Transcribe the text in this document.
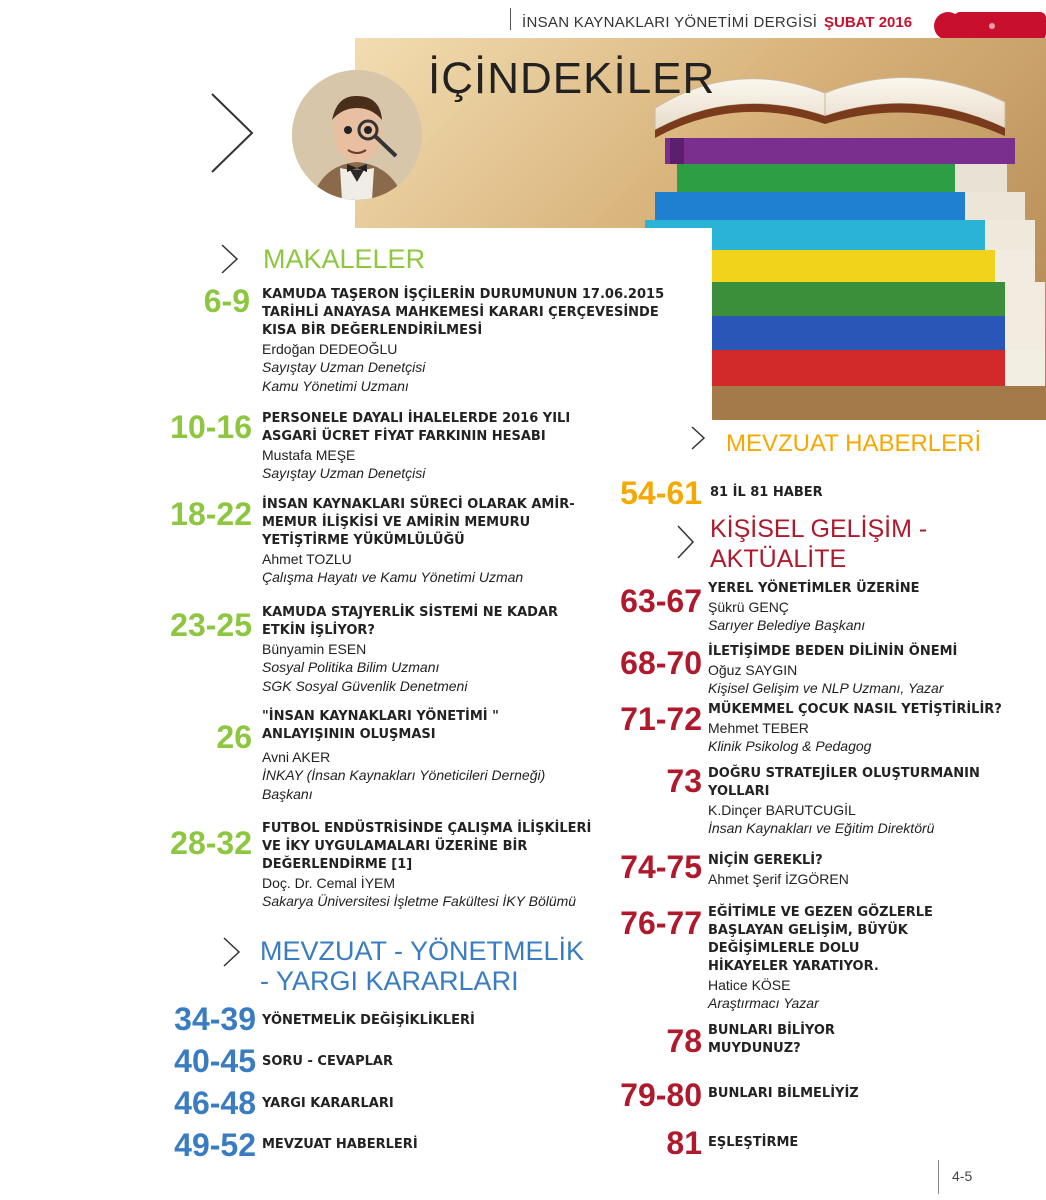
İNSAN KAYNAKLARI YÖNETİMİ DERGİSİ ŞUBAT 2016
İÇİNDEKİLER
MAKALELER
6-9 KAMUDA TAŞERON İŞÇİLERİN DURUMUNUN 17.06.2015 TARİHLİ ANAYASA MAHKEMESİ KARARI ÇERÇEVESİNDE KISA BİR DEĞERLENDİRİLMESİ
Erdoğan DEDEOĞLU
Sayıştay Uzman Denetçisi
Kamu Yönetimi Uzmanı
10-16 PERSONELE DAYALI İHALELERDE 2016 YILI ASGARİ ÜCRET FİYAT FARKININ HESABI
Mustafa MEŞE
Sayıştay Uzman Denetçisi
18-22 İNSAN KAYNAKLARI SÜRECİ OLARAK AMİR-MEMUR İLİŞKİSİ VE AMİRİN MEMURU YETİŞTİRME YÜKÜMLÜLÜĞÜ
Ahmet TOZLU
Çalışma Hayatı ve Kamu Yönetimi Uzman
23-25 KAMUDA STAJYERLİK SİSTEMİ NE KADAR ETKİN İŞLİYOR?
Bünyamin ESEN
Sosyal Politika Bilim Uzmanı
SGK Sosyal Güvenlik Denetmeni
26
"İNSAN KAYNAKLARI YÖNETİMİ " ANLAYIŞININ OLUŞMASI
Avni AKER
İNKAY (İnsan Kaynakları Yöneticileri Derneği)
Başkanı
28-32 FUTBOL ENDÜSTRİSİNDE ÇALIŞMA İLİŞKİLERİ VE İKY UYGULAMALARI ÜZERİNE BİR DEĞERLENDİRME [1]
Doç. Dr. Cemal İYEM
Sakarya Üniversitesi İşletme Fakültesi İKY Bölümü
MEVZUAT - YÖNETMELİK
- YARGI KARARLARI
34-39 YÖNETMELİK DEĞİŞİKLİKLERİ
40-45 SORU - CEVAPLAR
46-48 YARGI KARARLARI
49-52 MEVZUAT HABERLERİ
MEVZUAT HABERLERİ
54-61 81 İL 81 HABER
KİŞİSEL GELİŞİM -
AKTÜALİTE
63-67 YEREL YÖNETİMLER ÜZERİNE
Şükrü GENÇ
Sarıyer Belediye Başkanı
68-70 İLETİŞİMDE BEDEN DİLİNİN ÖNEMİ
Oğuz SAYGIN
Kişisel Gelişim ve NLP Uzmanı, Yazar
71-72 MÜKEMMEL ÇOCUK NASIL YETİŞTİRİLİR?
Mehmet TEBER
Klinik Psikolog & Pedagog
73 DOĞRU STRATEJİLER OLUŞTURMANIN YOLLARI
K.Dinçer BARUTCUGİL
İnsan Kaynakları ve Eğitim Direktörü
74-75 NİÇİN GEREKLİ?
Ahmet Şerif İZGÖREN
76-77 EĞİTİMLE VE GEZEN GÖZLERLE BAŞLAYAN GELİŞİM, BÜYÜK DEĞİŞİMLERLE DOLU HİKAYELER YARATIYOR.
Hatice KÖSE
Araştırmacı Yazar
78 BUNLARI BİLİYOR MUYDUNUZ?
79-80 BUNLARI BİLMELİYİZ
81 EŞLEŞTİRME
4-5
